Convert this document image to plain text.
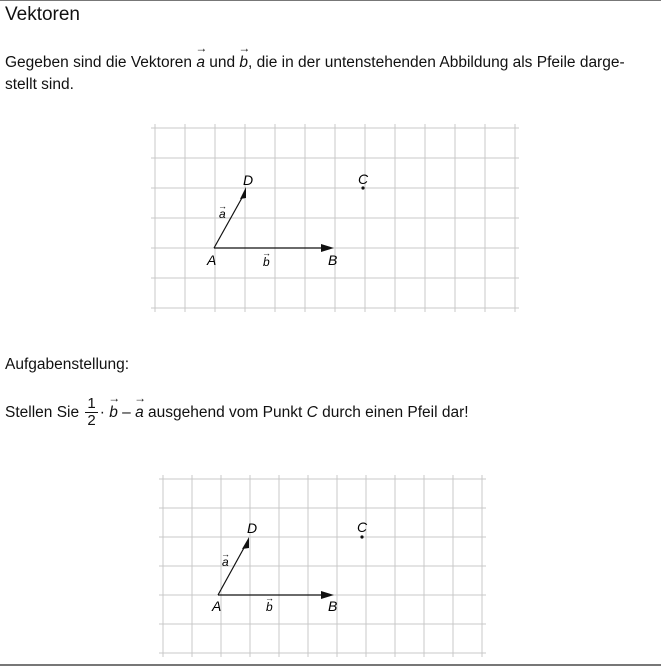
Vektoren
Gegeben sind die Vektoren
→
a und
→
b, die in der untenstehenden Abbildung als Pfeile darge-
stellt sind.
A	B
C
D
a
→
b
→
Aufgabenstellung:
Stellen Sie $\frac{1}{2}$ ·
→
b –
→
a ausgehend vom Punkt C durch einen Pfeil dar!
A	B
C
D
a
→
b
→
